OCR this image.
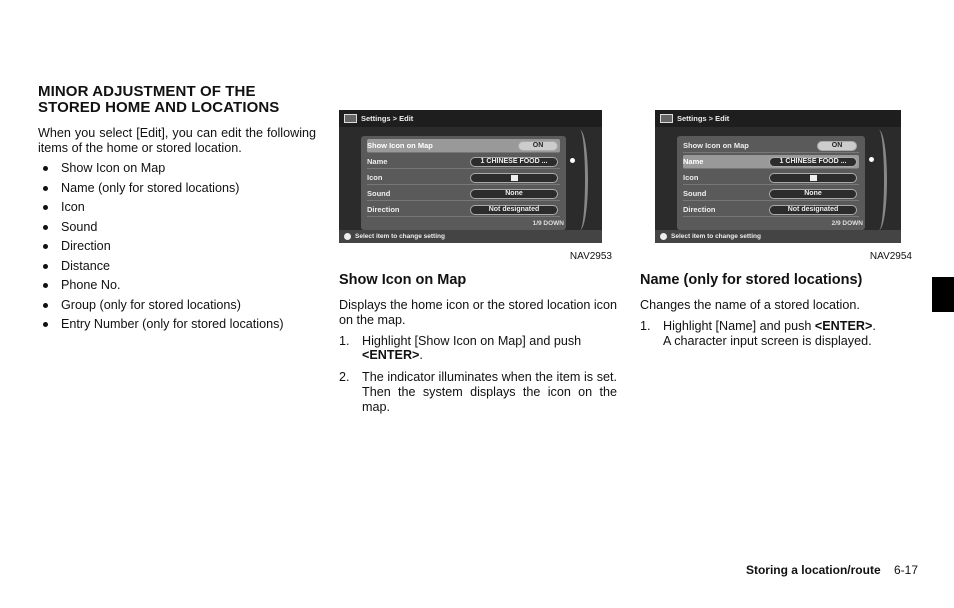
MINOR ADJUSTMENT OF THE
STORED HOME AND LOCATIONS

When you select [Edit], you can edit the following items of the home or stored location.

Show Icon on Map
Name (only for stored locations)
Icon
Sound
Direction
Distance
Phone No.
Group (only for stored locations)
Entry Number (only for stored locations)
Settings > Edit
Show Icon on Map	ON
Name	1 CHINESE FOOD ...
Icon
Sound	None
Direction	Not designated
1/9 DOWN
Select item to change setting
NAV2953
Show Icon on Map

Displays the home icon or the stored location icon on the map.

1. Highlight [Show Icon on Map] and push
<ENTER>.
2. The indicator illuminates when the item is set. Then the system displays the icon on the map.
Settings > Edit
Show Icon on Map	ON
Name	1 CHINESE FOOD ...
Icon
Sound	None
Direction	Not designated
2/9 DOWN
Select item to change setting
NAV2954
Name (only for stored locations)

Changes the name of a stored location.

1. Highlight [Name] and push <ENTER>.
A character input screen is displayed.
Storing a location/route 6-17
